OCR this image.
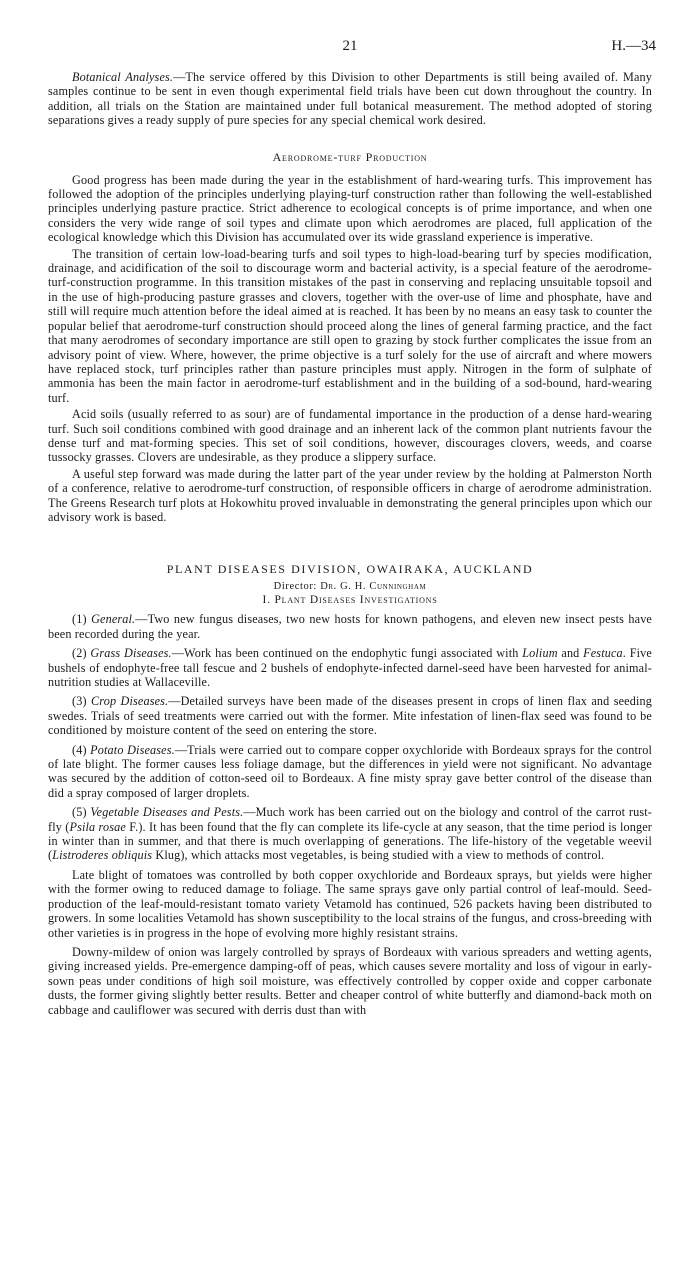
21	H.—34

Botanical Analyses.—The service offered by this Division to other Departments is still being availed of. Many samples continue to be sent in even though experimental field trials have been cut down throughout the country. In addition, all trials on the Station are maintained under full botanical measurement. The method adopted of storing separations gives a ready supply of pure species for any special chemical work desired.

Aerodrome-turf Production

Good progress has been made during the year in the establishment of hard-wearing turfs. This improvement has followed the adoption of the principles underlying playing-turf construction rather than following the well-established principles underlying pasture practice. Strict adherence to ecological concepts is of prime importance, and when one considers the very wide range of soil types and climate upon which aerodromes are placed, full application of the ecological knowledge which this Division has accumulated over its wide grassland experience is imperative.

The transition of certain low-load-bearing turfs and soil types to high-load-bearing turf by species modification, drainage, and acidification of the soil to discourage worm and bacterial activity, is a special feature of the aerodrome-turf-construction programme. In this transition mistakes of the past in conserving and replacing unsuitable topsoil and in the use of high-producing pasture grasses and clovers, together with the over-use of lime and phosphate, have and still will require much attention before the ideal aimed at is reached. It has been by no means an easy task to counter the popular belief that aerodrome-turf construction should proceed along the lines of general farming practice, and the fact that many aerodromes of secondary importance are still open to grazing by stock further complicates the issue from an advisory point of view. Where, however, the prime objective is a turf solely for the use of aircraft and where mowers have replaced stock, turf principles rather than pasture principles must apply. Nitrogen in the form of sulphate of ammonia has been the main factor in aerodrome-turf establishment and in the building of a sod-bound, hard-wearing turf.

Acid soils (usually referred to as sour) are of fundamental importance in the production of a dense hard-wearing turf. Such soil conditions combined with good drainage and an inherent lack of the common plant nutrients favour the dense turf and mat-forming species. This set of soil conditions, however, discourages clovers, weeds, and coarse tussocky grasses. Clovers are undesirable, as they produce a slippery surface.

A useful step forward was made during the latter part of the year under review by the holding at Palmerston North of a conference, relative to aerodrome-turf construction, of responsible officers in charge of aerodrome administration. The Greens Research turf plots at Hokowhitu proved invaluable in demonstrating the general principles upon which our advisory work is based.

PLANT DISEASES DIVISION, OWAIRAKA, AUCKLAND
Director: Dr. G. H. Cunningham
I. Plant Diseases Investigations

(1) General.—Two new fungus diseases, two new hosts for known pathogens, and eleven new insect pests have been recorded during the year.

(2) Grass Diseases.—Work has been continued on the endophytic fungi associated with Lolium and Festuca. Five bushels of endophyte-free tall fescue and 2 bushels of endophyte-infected darnel-seed have been harvested for animal-nutrition studies at Wallaceville.

(3) Crop Diseases.—Detailed surveys have been made of the diseases present in crops of linen flax and seeding swedes. Trials of seed treatments were carried out with the former. Mite infestation of linen-flax seed was found to be conditioned by moisture content of the seed on entering the store.

(4) Potato Diseases.—Trials were carried out to compare copper oxychloride with Bordeaux sprays for the control of late blight. The former causes less foliage damage, but the differences in yield were not significant. No advantage was secured by the addition of cotton-seed oil to Bordeaux. A fine misty spray gave better control of the disease than did a spray composed of larger droplets.

(5) Vegetable Diseases and Pests.—Much work has been carried out on the biology and control of the carrot rust-fly (Psila rosae F.). It has been found that the fly can complete its life-cycle at any season, that the time period is longer in winter than in summer, and that there is much overlapping of generations. The life-history of the vegetable weevil (Listroderes obliquis Klug), which attacks most vegetables, is being studied with a view to methods of control.

Late blight of tomatoes was controlled by both copper oxychloride and Bordeaux sprays, but yields were higher with the former owing to reduced damage to foliage. The same sprays gave only partial control of leaf-mould. Seed-production of the leaf-mould-resistant tomato variety Vetamold has continued, 526 packets having been distributed to growers. In some localities Vetamold has shown susceptibility to the local strains of the fungus, and cross-breeding with other varieties is in progress in the hope of evolving more highly resistant strains.

Downy-mildew of onion was largely controlled by sprays of Bordeaux with various spreaders and wetting agents, giving increased yields. Pre-emergence damping-off of peas, which causes severe mortality and loss of vigour in early-sown peas under conditions of high soil moisture, was effectively controlled by copper oxide and copper carbonate dusts, the former giving slightly better results. Better and cheaper control of white butterfly and diamond-back moth on cabbage and cauliflower was secured with derris dust than with
